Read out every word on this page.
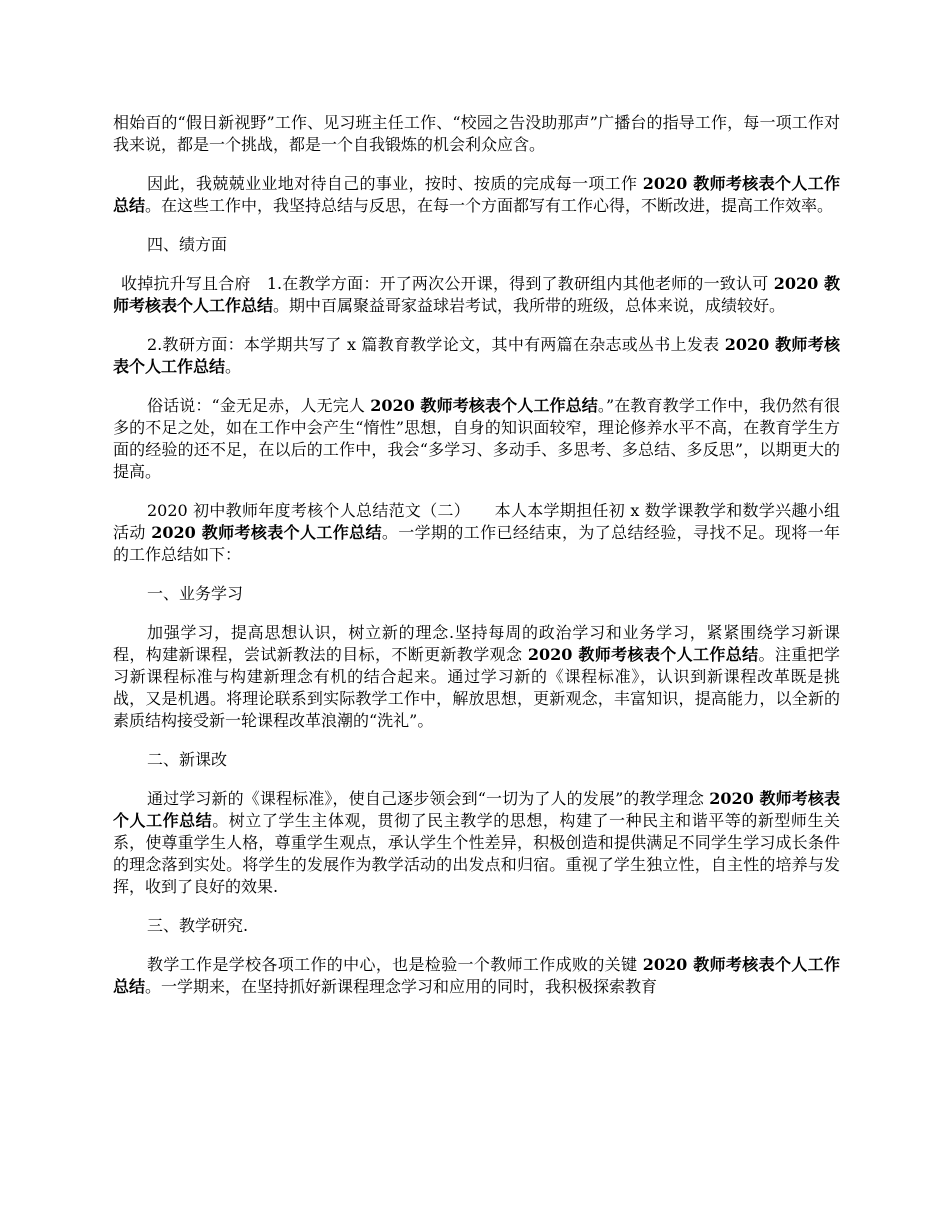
相始百的“假日新视野”工作、见习班主任工作、“校园之告没助那声”广播台的指导工作，每一项工作对我来说，都是一个挑战，都是一个自我锻炼的机会利众应含。

因此，我兢兢业业地对待自己的事业，按时、按质的完成每一项工作 2020 教师考核表个人工作总结。在这些工作中，我坚持总结与反思，在每一个方面都写有工作心得，不断改进，提高工作效率。

四、绩方面

收掉抗升写且合府　1.在教学方面：开了两次公开课，得到了教研组内其他老师的一致认可 2020 教师考核表个人工作总结。期中百属聚益哥家益球岩考试，我所带的班级，总体来说，成绩较好。

2.教研方面：本学期共写了 x 篇教育教学论文，其中有两篇在杂志或丛书上发表 2020 教师考核表个人工作总结。

俗话说：“金无足赤，人无完人 2020 教师考核表个人工作总结。”在教育教学工作中，我仍然有很多的不足之处，如在工作中会产生“惰性”思想，自身的知识面较窄，理论修养水平不高，在教育学生方面的经验的还不足，在以后的工作中，我会“多学习、多动手、多思考、多总结、多反思”，以期更大的提高。

2020 初中教师年度考核个人总结范文（二）　　本人本学期担任初 x 数学课教学和数学兴趣小组活动 2020 教师考核表个人工作总结。一学期的工作已经结束，为了总结经验，寻找不足。现将一年的工作总结如下：

一、业务学习

加强学习，提高思想认识，树立新的理念.坚持每周的政治学习和业务学习，紧紧围绕学习新课程，构建新课程，尝试新教法的目标，不断更新教学观念 2020 教师考核表个人工作总结。注重把学习新课程标准与构建新理念有机的结合起来。通过学习新的《课程标准》，认识到新课程改革既是挑战，又是机遇。将理论联系到实际教学工作中，解放思想，更新观念，丰富知识，提高能力，以全新的素质结构接受新一轮课程改革浪潮的“洗礼”。

二、新课改

通过学习新的《课程标准》，使自己逐步领会到“一切为了人的发展”的教学理念 2020 教师考核表个人工作总结。树立了学生主体观，贯彻了民主教学的思想，构建了一种民主和谐平等的新型师生关系，使尊重学生人格，尊重学生观点，承认学生个性差异，积极创造和提供满足不同学生学习成长条件的理念落到实处。将学生的发展作为教学活动的出发点和归宿。重视了学生独立性，自主性的培养与发挥，收到了良好的效果.

三、教学研究.

教学工作是学校各项工作的中心，也是检验一个教师工作成败的关键 2020 教师考核表个人工作总结。一学期来，在坚持抓好新课程理念学习和应用的同时，我积极探索教育
